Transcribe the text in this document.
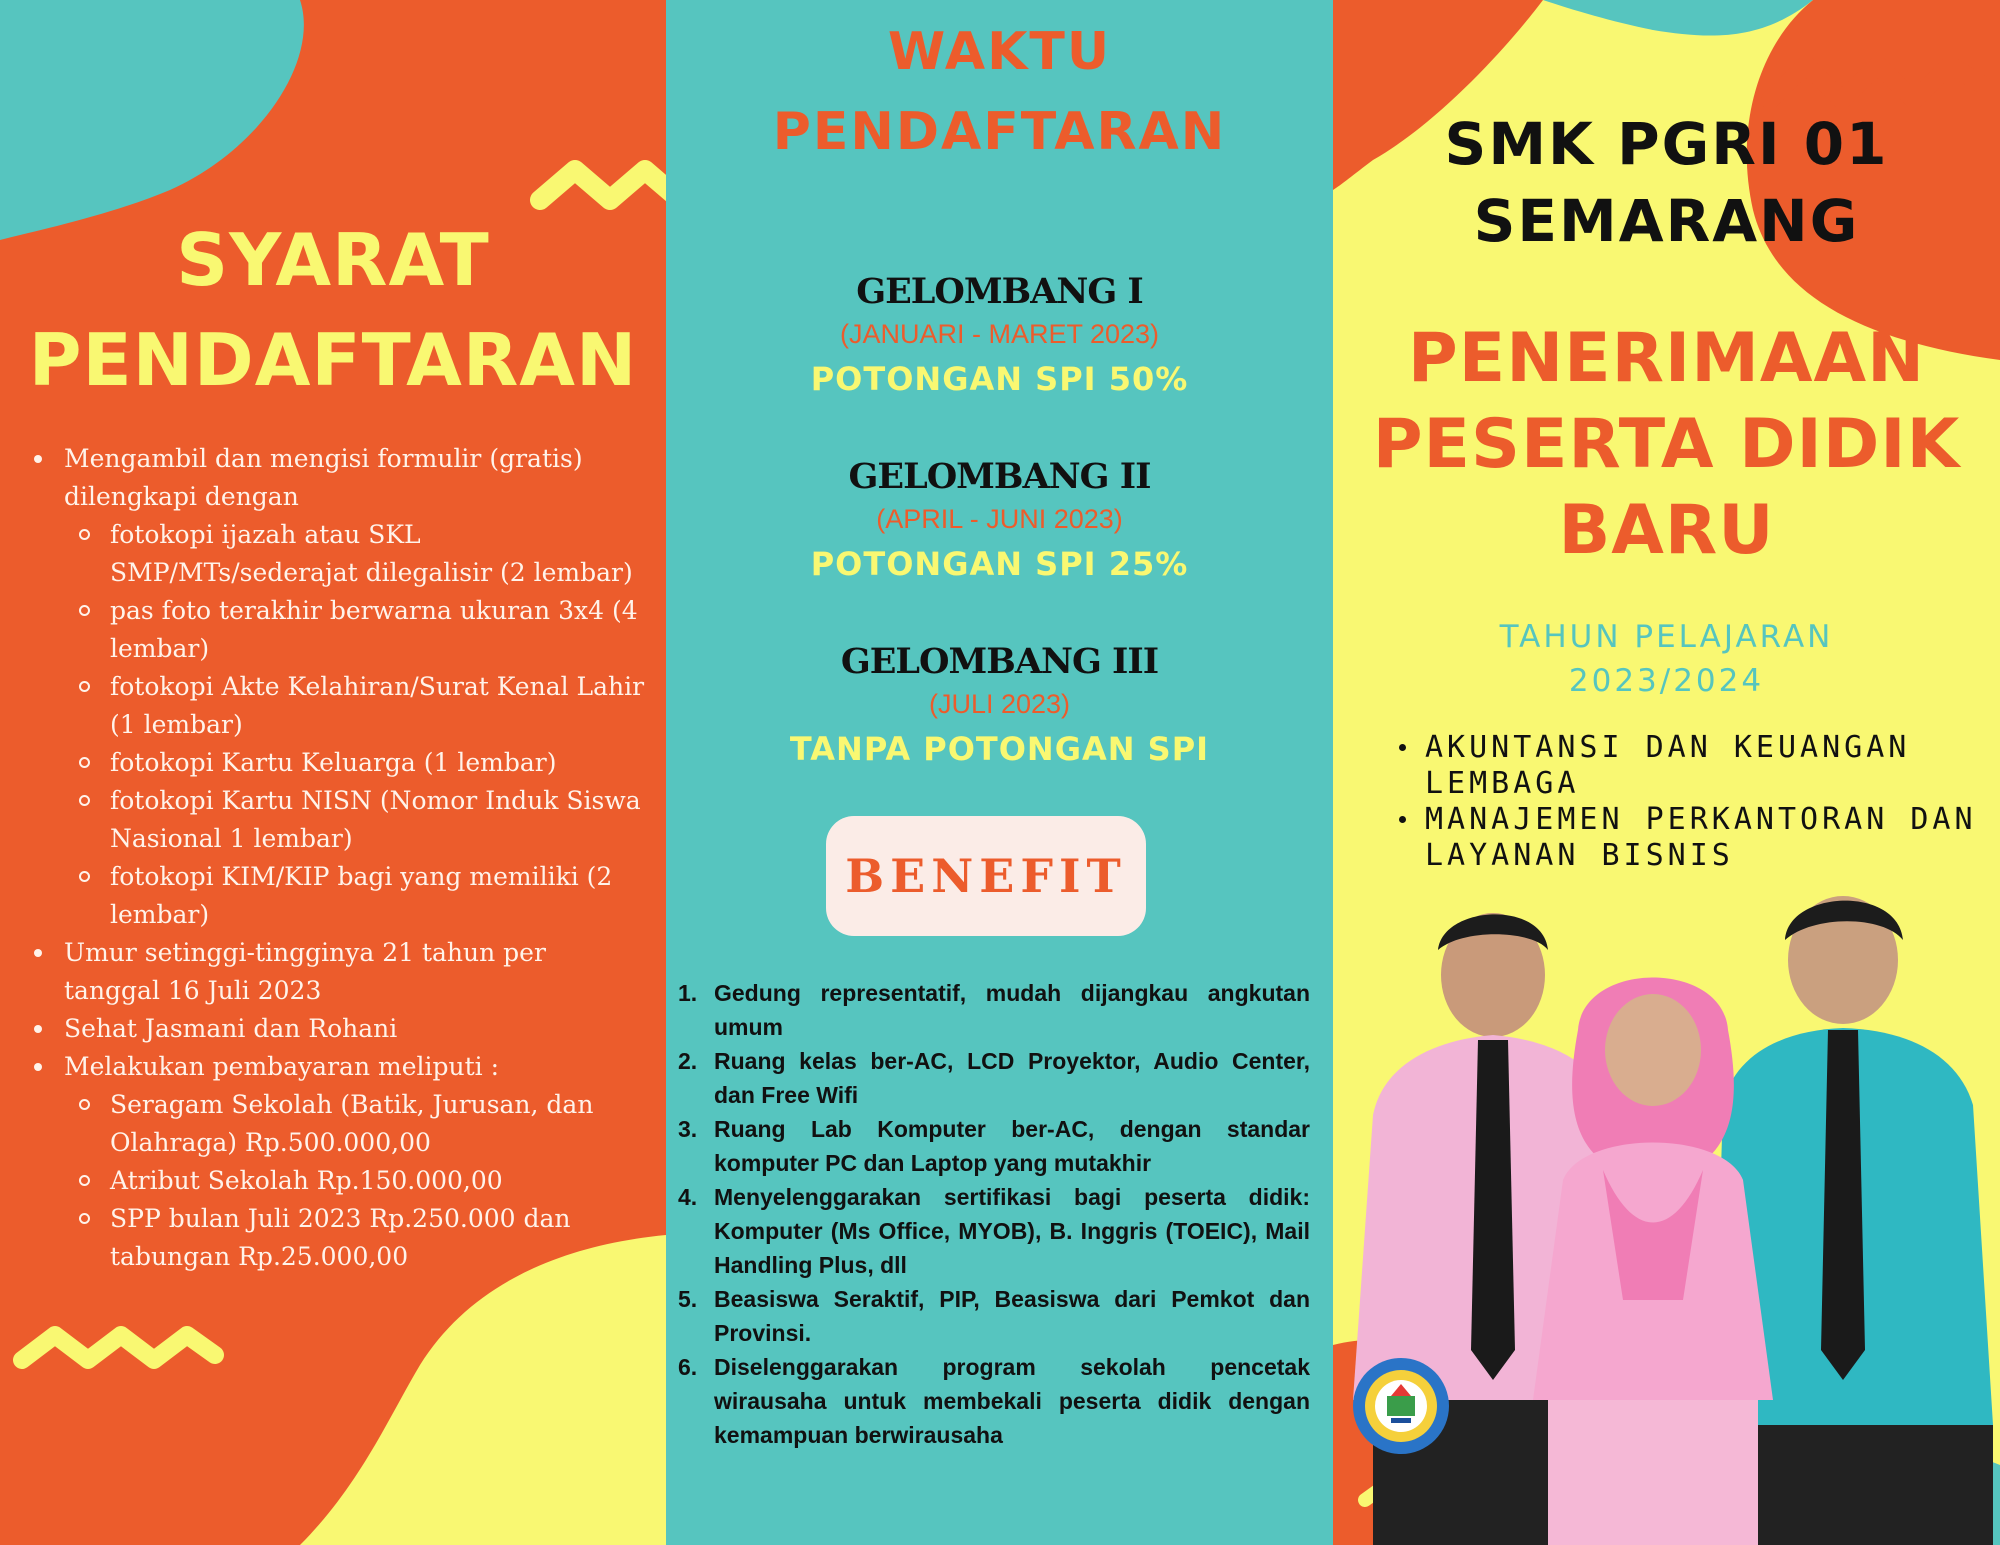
SYARAT
PENDAFTARAN
Mengambil dan mengisi formulir (gratis) dilengkapi dengan
fotokopi ijazah atau SKL SMP/MTs/sederajat dilegalisir (2 lembar)
pas foto terakhir berwarna ukuran 3x4 (4 lembar)
fotokopi Akte Kelahiran/Surat Kenal Lahir (1 lembar)
fotokopi Kartu Keluarga (1 lembar)
fotokopi Kartu NISN (Nomor Induk Siswa Nasional 1 lembar)
fotokopi KIM/KIP bagi yang memiliki (2 lembar)
Umur setinggi-tingginya 21 tahun per tanggal 16 Juli 2023
Sehat Jasmani dan Rohani
Melakukan pembayaran meliputi :
Seragam Sekolah (Batik, Jurusan, dan Olahraga) Rp.500.000,00
Atribut Sekolah Rp.150.000,00
SPP bulan Juli 2023 Rp.250.000 dan tabungan Rp.25.000,00
WAKTU
PENDAFTARAN
GELOMBANG I
(JANUARI - MARET 2023)
POTONGAN SPI 50%
GELOMBANG II
(APRIL - JUNI 2023)
POTONGAN SPI 25%
GELOMBANG III
(JULI 2023)
TANPA POTONGAN SPI
BENEFIT
1. Gedung representatif, mudah dijangkau angkutan umum
2. Ruang kelas ber-AC, LCD Proyektor, Audio Center, dan Free Wifi
3. Ruang Lab Komputer ber-AC, dengan standar komputer PC dan Laptop yang mutakhir
4. Menyelenggarakan sertifikasi bagi peserta didik: Komputer (Ms Office, MYOB), B. Inggris (TOEIC), Mail Handling Plus, dll
5. Beasiswa Seraktif, PIP, Beasiswa dari Pemkot dan Provinsi.
6. Diselenggarakan program sekolah pencetak wirausaha untuk membekali peserta didik dengan kemampuan berwirausaha
SMK PGRI 01
SEMARANG
PENERIMAAN
PESERTA DIDIK
BARU
TAHUN PELAJARAN
2023/2024
AKUNTANSI DAN KEUANGAN LEMBAGA
MANAJEMEN PERKANTORAN DAN LAYANAN BISNIS
